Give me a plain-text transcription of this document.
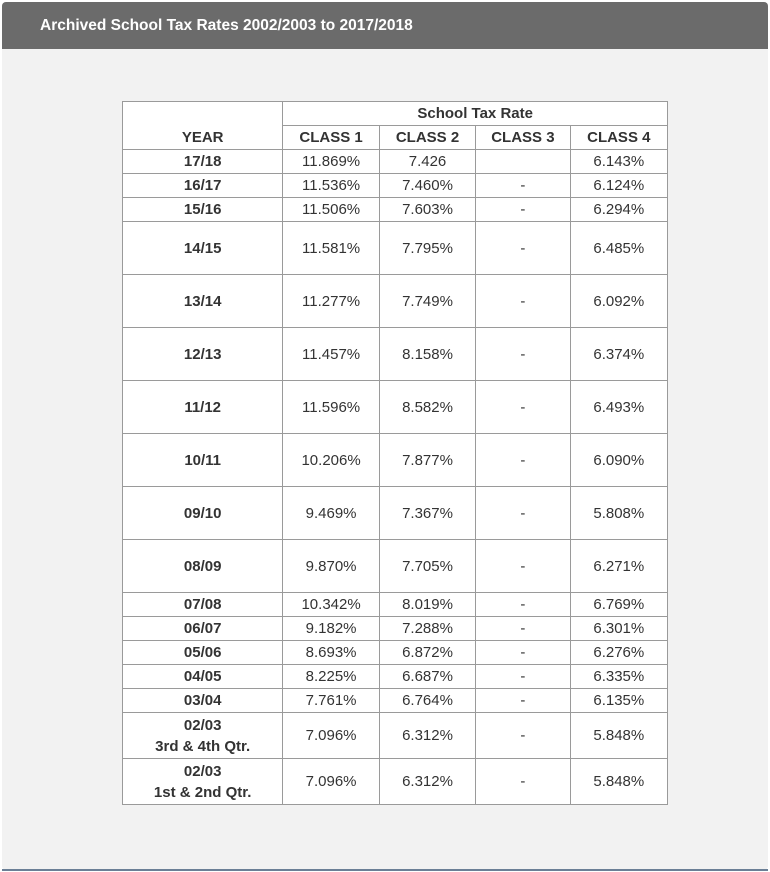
Archived School Tax Rates 2002/2003 to 2017/2018
	School Tax Rate			
YEAR	CLASS 1	CLASS 2	CLASS 3	CLASS 4

17/18	11.869%	7.426		6.143%

16/17	11.536%	7.460%	-	6.124%

15/16	11.506%	7.603%	-	6.294%

14/15	11.581%	7.795%	-	6.485%

13/14	11.277%	7.749%	-	6.092%

12/13	11.457%	8.158%	-	6.374%

11/12	11.596%	8.582%	-	6.493%

10/11	10.206%	7.877%	-	6.090%

09/10	9.469%	7.367%	-	5.808%

08/09	9.870%	7.705%	-	6.271%

07/08	10.342%	8.019%	-	6.769%

06/07	9.182%	7.288%	-	6.301%

05/06	8.693%	6.872%	-	6.276%

04/05	8.225%	6.687%	-	6.335%

03/04	7.761%	6.764%	-	6.135%

02/03
3rd & 4th Qtr.	7.096%	6.312%	-	5.848%

02/03
1st & 2nd Qtr.	7.096%	6.312%	-	5.848%
